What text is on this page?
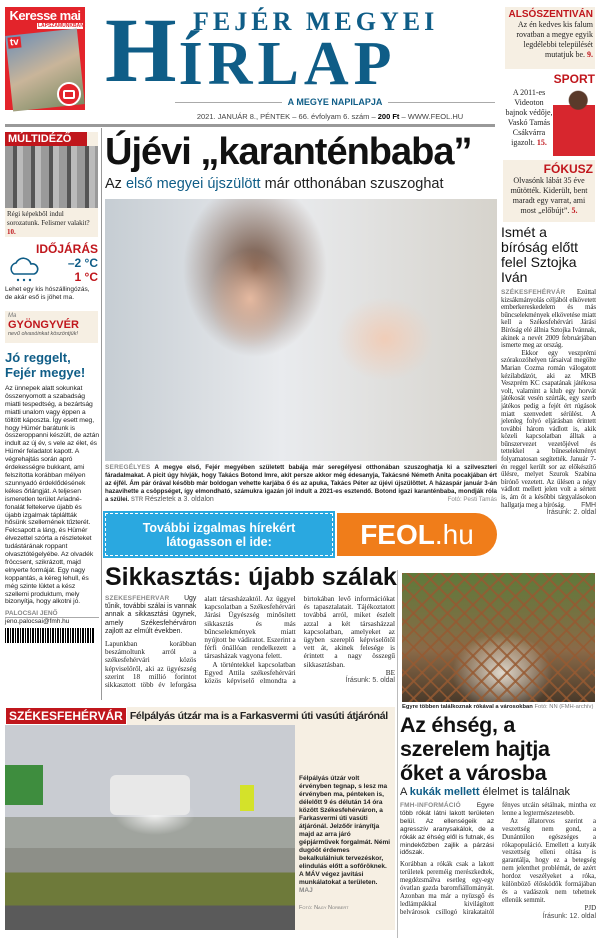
Keresse mai
LAPSZÁMUNKBAN!
tv HÍRLAP
FEJÉR MEGYEI
A MEGYE NAPILAPJA
2021. JANUÁR 8., PÉNTEK – 66. évfolyam 6. szám – 200 Ft – WWW.FEOL.HU
ALSÓSZENTIVÁN
Az én kedves kis falum rovatban a megye egyik legdélebbi települését mutatjuk be. 9.
SPORT
A 2011-es Videoton bajnok védője, Vaskó Tamás Csákvárra igazolt. 15.
FÓKUSZ
Olvasónk lábát 35 éve műtötték. Kiderült, bent maradt egy varrat, ami most „előbújt”. 5.
Ismét a bíróság előtt felel Sztojka Iván
SZÉKESFEHÉRVÁR Ezúttal kizsákmányolás céljából elkövetett emberkereskedelem és más bűncselekmények elkövetése miatt kell a Székesfehérvári Járási Bíróság elé állnia Sztojka Ivánnak, akinek a nevét 2009 februárjában ismerte meg az ország.
Ekkor egy veszprémi szórakozóhelyen társaival megölte Marian Cozma román válogatott kézilabdázót, aki az MKB Veszprém KC csapatának játékosa volt, valamint a klub egy horvát játékosát vesén szúrták, egy szerb játékos pedig a fejét ért rúgások miatt szenvedett sérülést. A jelenleg folyó eljárásban érintett további három vádlott is, akik közeli kapcsolatban álltak a bűnszervezet vezetőjével és tettekkel a bűneselekményt folyamatosan segítették. Január 7-én reggel került sor az előkészítő ülésre, melyet Szurok Szabina bírónő vezetett. Az ülésen a négy vádlott mellett jelen volt a sértett is, ám őt a későbbi tárgyalásokon hallgatja meg a bíróság. FMH
Írásunk: 2. oldal
MÚLTIDÉZŐ
Régi képekből indul sorozatunk. Felismer valakit? 10.
IDŐJÁRÁS
–2 °C
1 °C
Lehet egy kis hószállingózás, de akár eső is jöhet ma.
Ma
GYÖNGYVÉR
nevű olvasóinkat köszöntjük!
Jó reggelt, Fejér megye!
Az ünnepek alatt sokunkat összenyomott a szabadság miatti tespedtség, a bezártság miatti unalom vagy éppen a töltött káposzta. Így esett meg, hogy Hümér barátunk is összeroppanni készült, de aztán indult az új év, s vele az élet, és Hümér feladatot kapott. A végrehajtás során apró érdekességre bukkant, ami felszította korábban mélyen szunnyadó érdeklődésének kékes őrlángját. A teljesen ismeretlen terület Ariadné-fonalát feltekerve újabb és újabb izgalmak tápláltták hősünk szellemének tűzterét. Felcsapott a láng, és Hümér élvezettel szórta a részleteket tudástárának roppant olvasztótégelyébe. Az olvadék fröccsent, szikrázott, majd elnyerte formáját. Egy nagy koppantás, a kéreg lehull, és még szinte lüktet a kész szellemi produktum, mely bizonyítja, hogy alkotni jó.
PALOCSAI JENŐ
jeno.palocsai@fmh.hu
Újévi „karanténbaba”
Az első megyei újszülött már otthonában szuszoghat
SEREGÉLYES A megye első, Fejér megyében született babája már seregélyesi otthonában szuszoghatja ki a szilveszteri fáradalmakat. A picit úgy hívják, hogy Takács Botond Imre, akit persze akkor még édesanyja, Takácsné Németh Anita pocakjában ért az éjfél. Ám pár órával később már boldogan vehette karjába ő és az apuka, Takács Péter az újévi újszülöttet. A házaspár január 3-án hazavihette a csöppséget, így elmondható, számukra igazán jól indult a 2021-es esztendő. Botond igazi karanténbaba, mondják róla a szülei. STR Részletek a 3. oldalon	Fotó: Pesti Tamás
További izgalmas hírekért
látogasson el ide:	FEOL .hu
Sikkasztás: újabb szálak
SZÉKESFEHÉRVÁR Úgy tűnik, további szálai is vannak annak a sikkasztási ügynek, amely Székesfehérváron zajlott az elmúlt években.
Lapunkban korábban beszámoltunk arról a székesfehérvári közös képviselőről, aki az ügyészség szerint 18 millió forintot sikkasztott több év leforgása alatt társasházaktól. Az üggyel kapcsolatban a Székesfehérvári Járási Ügyészség minősített sikkasztás és más bűncselekmények miatt nyújtott be vádiratot. Eszerint a férfi önállóan rendelkezett a társasházak vagyona felett.
A történtekkel kapcsolatban Egyed Attila székesfehérvári közös képviselő elmondta a birtokában levő információkat és tapasztalatait. Tájékoztatott továbbá arról, miket észlelt azzal a két társasházzal kapcsolatban, amelyeket az ügyben szereplő képviselőtől vett át, akinek felesége is érintett a nagy összegű sikkasztásban.
BE
Írásunk: 5. oldal
Egyre többen találkoznak rókával a városokban Fotó: NN (FMH-archív)
SZÉKESFEHÉRVÁR Félpályás útzár ma is a Farkasvermi úti vasúti átjárónál
Félpályás útzár volt érvényben tegnap, s lesz ma érvényben ma, pénteken is, délelőtt 9 és délután 14 óra között Székesfehérváron, a Farkasvermi úti vasúti átjárónál. Jelzőőr irányítja majd az arra járó gépjárművek forgalmát. Némi dugóöt érdemes bekalkulálniuk tervezéskor, elindulás előtt a sofőröknek. A MÁV végez javítási munkálatokat a területen. MAJ
Fotó: Nagy Norbert
Az éhség, a szerelem hajtja őket a városba
A kukák mellett élelmet is találnak
FMH-INFORMÁCIÓ Egyre több rókát látni lakott területen belül. Az ellenségeik az agresszív aranysakálok, de a rókák az éhség elől is futnak, és mindekőzben zajlik a párzási időszak.
Korábban a rókák csak a lakott területek pereméig merészkedtek, megdézsmálva esetleg egy-egy óvatlan gazda baromfiállományát. Azonban ma már a nyüzsgő és ledlámpákkal kivilágított belvárosok csillogó kirakataitól fényes utcáin sétálnak, mintha ez lenne a legtermészetesebb.
Az állatorvos szerint a veszettség nem gond, a Dunántúlon egészséges a rókapopuláció. Emellett a kutyák veszettség elleni oltása is garantálja, hogy ez a betegség nem jelenthet problémát, de azért hordoz veszélyeket a róka, különböző élősködők formájában és a vadászok nem tehetnek ellenük semmit.
PJD
Írásunk: 12. oldal
